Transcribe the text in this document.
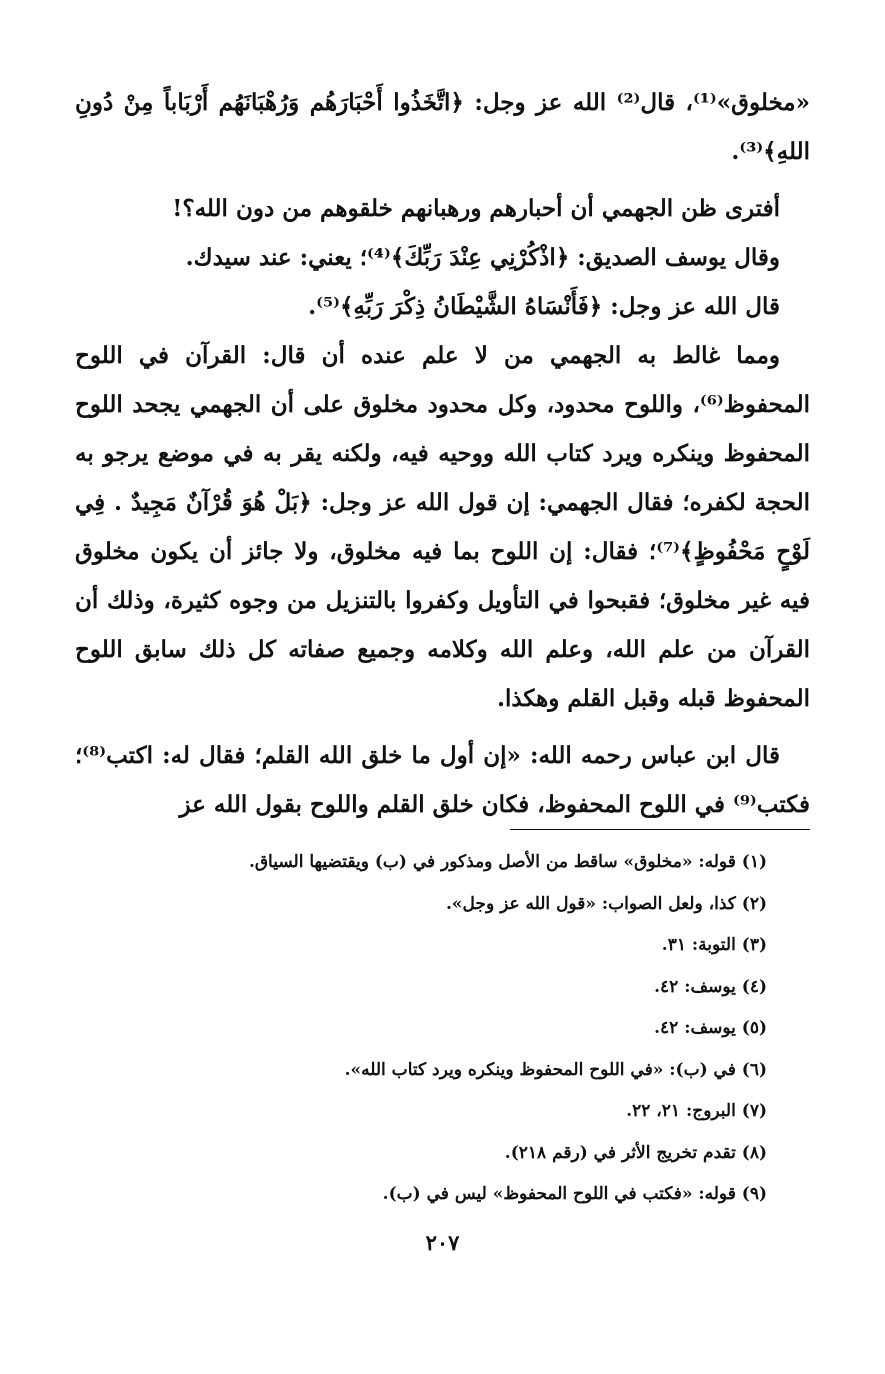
«مخلوق»⁽¹⁾، قال⁽²⁾ الله عز وجل: ﴿اتَّخَذُوا أَحْبَارَهُم وَرُهْبَانَهُم أَرْبَاباً مِنْ دُونِ اللهِ﴾⁽³⁾.

أفترى ظن الجهمي أن أحبارهم ورهبانهم خلقوهم من دون الله؟!

وقال يوسف الصديق: ﴿اذْكُرْنِي عِنْدَ رَبِّكَ﴾⁽⁴⁾؛ يعني: عند سيدك.

قال الله عز وجل: ﴿فَأَنْسَاهُ الشَّيْطَانُ ذِكْرَ رَبِّهِ﴾⁽⁵⁾.

ومما غالط به الجهمي من لا علم عنده أن قال: القرآن في اللوح المحفوظ⁽⁶⁾، واللوح محدود، وكل محدود مخلوق على أن الجهمي يجحد اللوح المحفوظ وينكره ويرد كتاب الله ووحيه فيه، ولكنه يقر به في موضع يرجو به الحجة لكفره؛ فقال الجهمي: إن قول الله عز وجل: ﴿بَلْ هُوَ قُرْآنٌ مَجِيدٌ . فِي لَوْحٍ مَحْفُوظٍ﴾⁽⁷⁾؛ فقال: إن اللوح بما فيه مخلوق، ولا جائز أن يكون مخلوق فيه غير مخلوق؛ فقبحوا في التأويل وكفروا بالتنزيل من وجوه كثيرة، وذلك أن القرآن من علم الله، وعلم الله وكلامه وجميع صفاته كل ذلك سابق اللوح المحفوظ قبله وقبل القلم وهكذا.

قال ابن عباس رحمه الله: «إن أول ما خلق الله القلم؛ فقال له: اكتب⁽⁸⁾؛ فكتب⁽⁹⁾ في اللوح المحفوظ، فكان خلق القلم واللوح بقول الله عز

(١) قوله: «مخلوق» ساقط من الأصل ومذكور في (ب) ويقتضيها السياق.

(٢) كذا، ولعل الصواب: «قول الله عز وجل».

(٣) التوبة: ٣١.

(٤) يوسف: ٤٢.

(٥) يوسف: ٤٢.

(٦) في (ب): «في اللوح المحفوظ وينكره ويرد كتاب الله».

(٧) البروج: ٢١، ٢٢.

(٨) تقدم تخريج الأثر في (رقم ٢١٨).

(٩) قوله: «فكتب في اللوح المحفوظ» ليس في (ب).

٢٠٧
